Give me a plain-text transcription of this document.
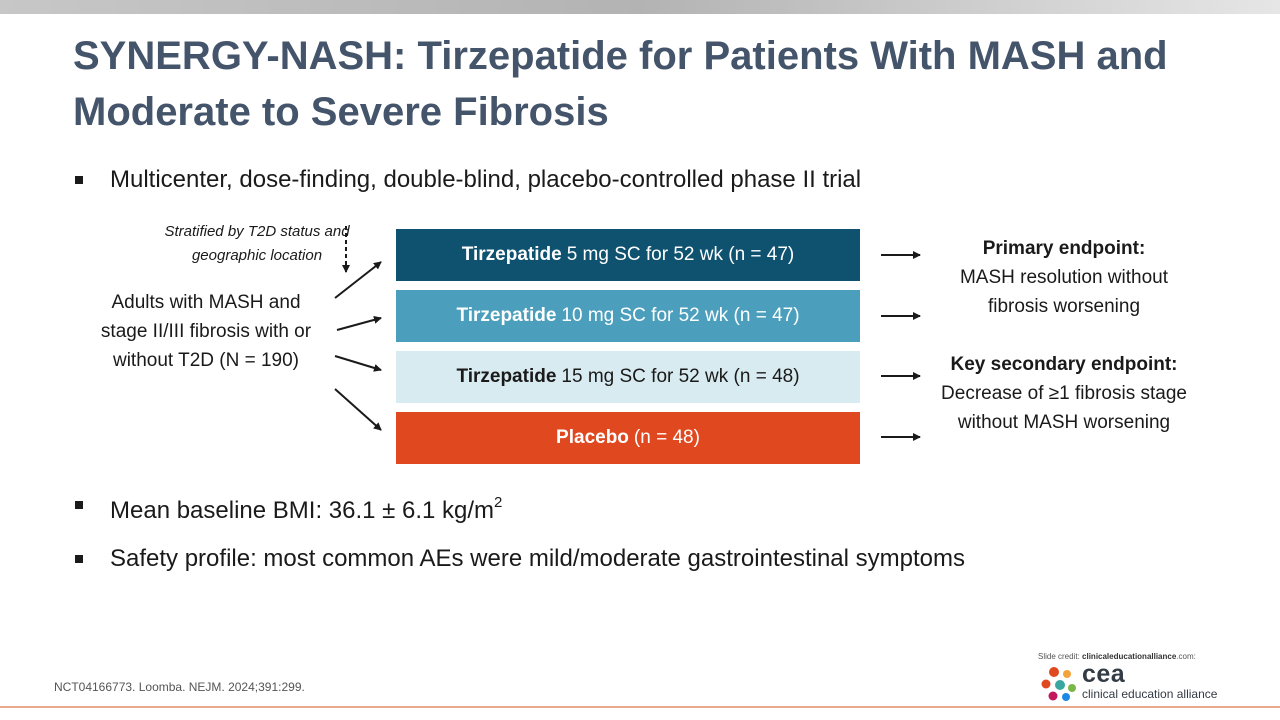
SYNERGY-NASH: Tirzepatide for Patients With MASH and Moderate to Severe Fibrosis
Multicenter, dose-finding, double-blind, placebo-controlled phase II trial
Stratified by T2D status and geographic location
Adults with MASH and stage II/III fibrosis with or without T2D (N = 190)
Tirzepatide 5 mg SC for 52 wk (n = 47)
Tirzepatide 10 mg SC for 52 wk (n = 47)
Tirzepatide 15 mg SC for 52 wk (n = 48)
Placebo (n = 48)
Primary endpoint:
MASH resolution without fibrosis worsening
Key secondary endpoint:
Decrease of ≥1 fibrosis stage without MASH worsening
Mean baseline BMI: 36.1 ± 6.1 $kg/m^2$
Safety profile: most common AEs were mild/moderate gastrointestinal symptoms
NCT04166773. Loomba. NEJM. 2024;391:299.
Slide credit: clinicaleducationalliance.com:
cea
clinical education alliance
